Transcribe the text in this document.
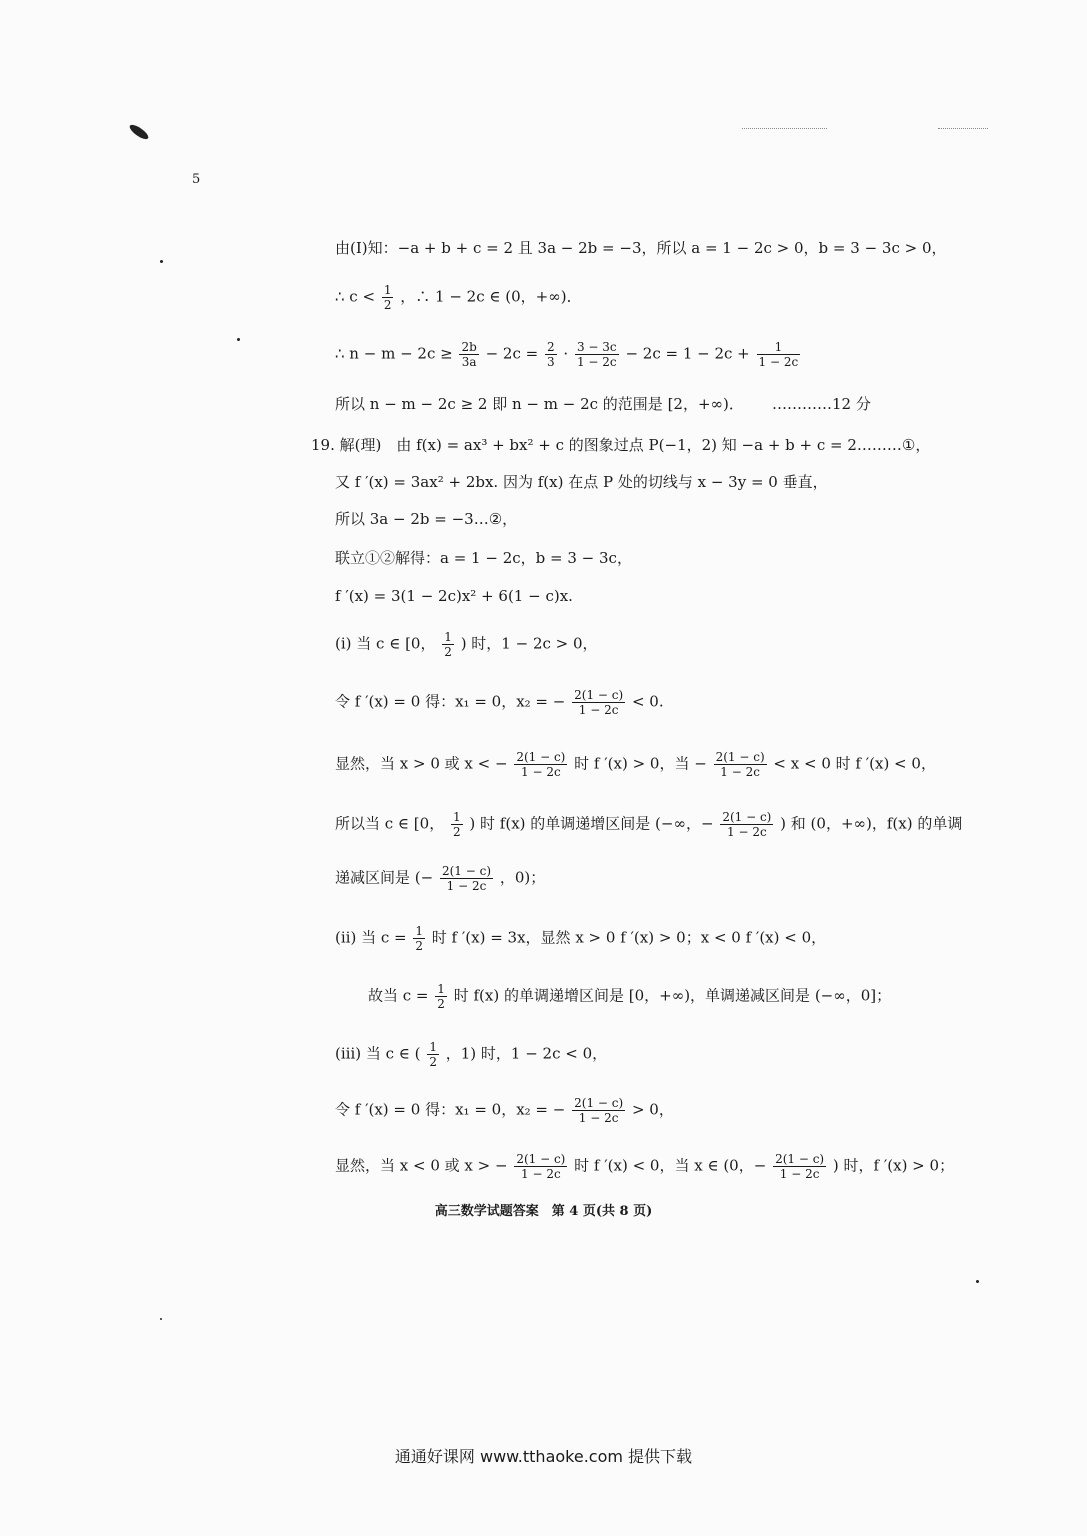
5
由(Ⅰ)知：−a + b + c = 2 且 3a − 2b = −3，所以 a = 1 − 2c > 0，b = 3 − 3c > 0，
∴ $c < \frac{1}{2}$ ，∴ 1 − 2c ∈ (0，+∞)．
∴ $n - m - 2c \ge \frac{2b}{3a} - 2c = \frac{2}{3} \cdot \frac{3 - 3c}{1 - 2c} - 2c = 1 - 2c + \frac{1}{1 - 2c}$
所以 n − m − 2c ≥ 2 即 n − m − 2c 的范围是 [2，+∞)． …………12 分
19. 解(理)　由 f(x) = ax³ + bx² + c 的图象过点 P(−1，2) 知 −a + b + c = 2………①，
又 f ′(x) = 3ax² + 2bx. 因为 f(x) 在点 P 处的切线与 x − 3y = 0 垂直，
所以 3a − 2b = −3…②，
联立①②解得：a = 1 − 2c，b = 3 − 3c，
f ′(x) = 3(1 − 2c)x² + 6(1 − c)x.
(ⅰ) 当 c ∈ [0， $\frac{1}{2}$ ) 时，1 − 2c > 0，
令 f ′(x) = 0 得：x₁ = 0，x₂ = − $\frac{2(1 - c)}{1 - 2c} < 0$.
显然，当 x > 0 或 x < − $\frac{2(1 - c)}{1 - 2c}$ 时 f ′(x) > 0，当 − $\frac{2(1 - c)}{1 - 2c} < x < 0$ 时 f ′(x) < 0，
所以当 c ∈ [0， $\frac{1}{2}$ ) 时 f(x) 的单调递增区间是 (−∞，− $\frac{2(1 - c)}{1 - 2c}$ ) 和 (0，+∞)，f(x) 的单调
递减区间是 (− $\frac{2(1 - c)}{1 - 2c}$ ，0)；
(ⅱ) 当 $c = \frac{1}{2}$ 时 f ′(x) = 3x，显然 x > 0 f ′(x) > 0；x < 0 f ′(x) < 0，
故当 $c = \frac{1}{2}$ 时 f(x) 的单调递增区间是 [0，+∞)，单调递减区间是 (−∞，0]；
(ⅲ) 当 c ∈ ( $\frac{1}{2}$ ，1) 时，1 − 2c < 0，
令 f ′(x) = 0 得：x₁ = 0，x₂ = − $\frac{2(1 - c)}{1 - 2c} > 0$，
显然，当 x < 0 或 x > − $\frac{2(1 - c)}{1 - 2c}$ 时 f ′(x) < 0，当 x ∈ (0，− $\frac{2(1 - c)}{1 - 2c}$ ) 时，f ′(x) > 0；
高三数学试题答案　第 4 页(共 8 页)
通通好课网 www.tthaoke.com 提供下载
